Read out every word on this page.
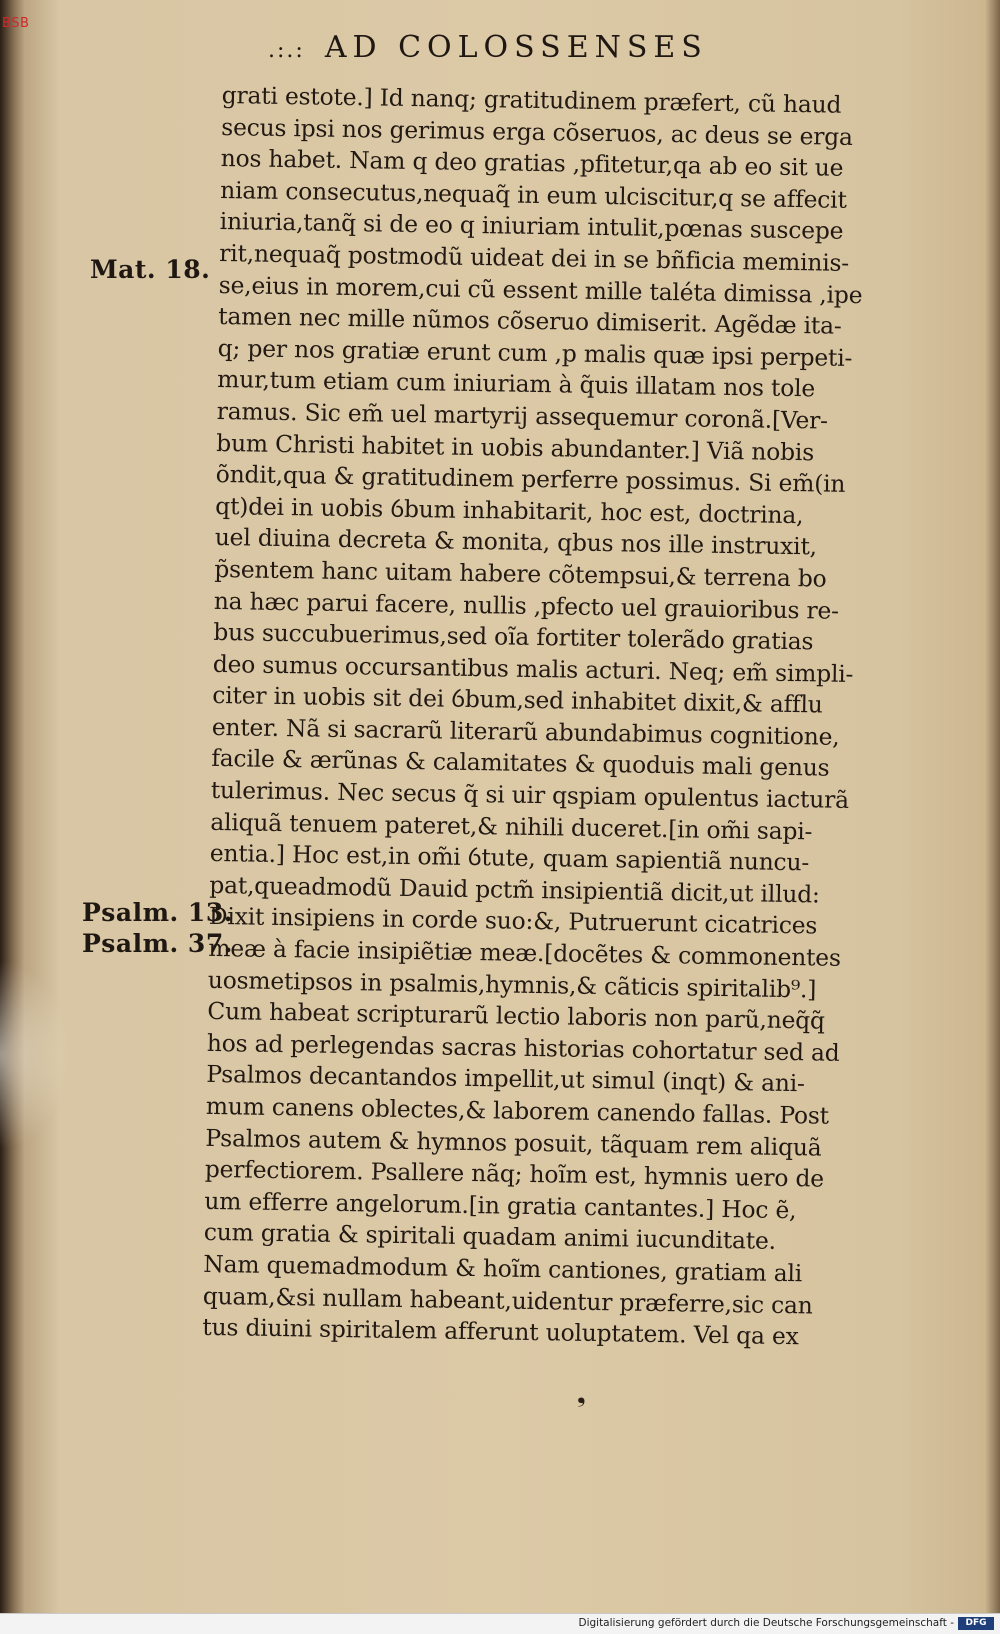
BSB
.:.: AD COLOSSENSES
grati estote.] Id nanq; gratitudinem præfert, cũ haud
secus ipsi nos gerimus erga cõseruos, ac deus se erga
nos habet. Nam q deo gratias ,pfitetur,qa ab eo sit ue
niam consecutus,nequaq̃ in eum ulciscitur,q se affecit
iniuria,tanq̃ si de eo q iniuriam intulit,pœnas suscepe
rit,nequaq̃ postmodũ uideat dei in se bñficia meminis-
se,eius in morem,cui cũ essent mille taléta dimissa ,ipe
tamen nec mille nũmos cõseruo dimiserit. Agẽdæ ita-
q; per nos gratiæ erunt cum ,p malis quæ ipsi perpeti-
mur,tum etiam cum iniuriam à q̃uis illatam nos tole
ramus. Sic em̃ uel martyrij assequemur coronã.[Ver-
bum Christi habitet in uobis abundanter.] Viã nobis
õndit,qua & gratitudinem perferre possimus. Si em̃(in
qt)dei in uobis ỽbum inhabitarit, hoc est, doctrina,
uel diuina decreta & monita, qbus nos ille instruxit,
p̃sentem hanc uitam habere cõtempsui,& terrena bo
na hæc parui facere, nullis ,pfecto uel grauioribus re-
bus succubuerimus,sed oĩa fortiter tolerãdo gratias
deo sumus occursantibus malis acturi. Neq; em̃ simpli-
citer in uobis sit dei ỽbum,sed inhabitet dixit,& afflu
enter. Nã si sacrarũ literarũ abundabimus cognitione,
facile & ærũnas & calamitates & quoduis mali genus
tulerimus. Nec secus q̃ si uir qspiam opulentus iacturã
aliquã tenuem pateret,& nihili duceret.[in om̃i sapi-
entia.] Hoc est,in om̃i ỽtute, quam sapientiã nuncu-
pat,queadmodũ Dauid pctm̃ insipientiã dicit,ut illud:
Dixit insipiens in corde suo:&, Putruerunt cicatrices
meæ à facie insipiẽtiæ meæ.[docẽtes & commonentes
uosmetipsos in psalmis,hymnis,& cãticis spiritalib⁹.]
Cum habeat scripturarũ lectio laboris non parũ,neq̃q̃
hos ad perlegendas sacras historias cohortatur sed ad
Psalmos decantandos impellit,ut simul (inqt) & ani-
mum canens oblectes,& laborem canendo fallas. Post
Psalmos autem & hymnos posuit, tãquam rem aliquã
perfectiorem. Psallere nãq; hoĩm est, hymnis uero de
um efferre angelorum.[in gratia cantantes.] Hoc ẽ,
cum gratia & spiritali quadam animi iucunditate.
Nam quemadmodum & hoĩm cantiones, gratiam ali
quam,&si nullam habeant,uidentur præferre,sic can
tus diuini spiritalem afferunt uoluptatem. Vel qa ex
Mat. 18.
Psalm. 13.
Psalm. 37.
❟
Digitalisierung gefördert durch die Deutsche Forschungsgemeinschaft -	DFG
